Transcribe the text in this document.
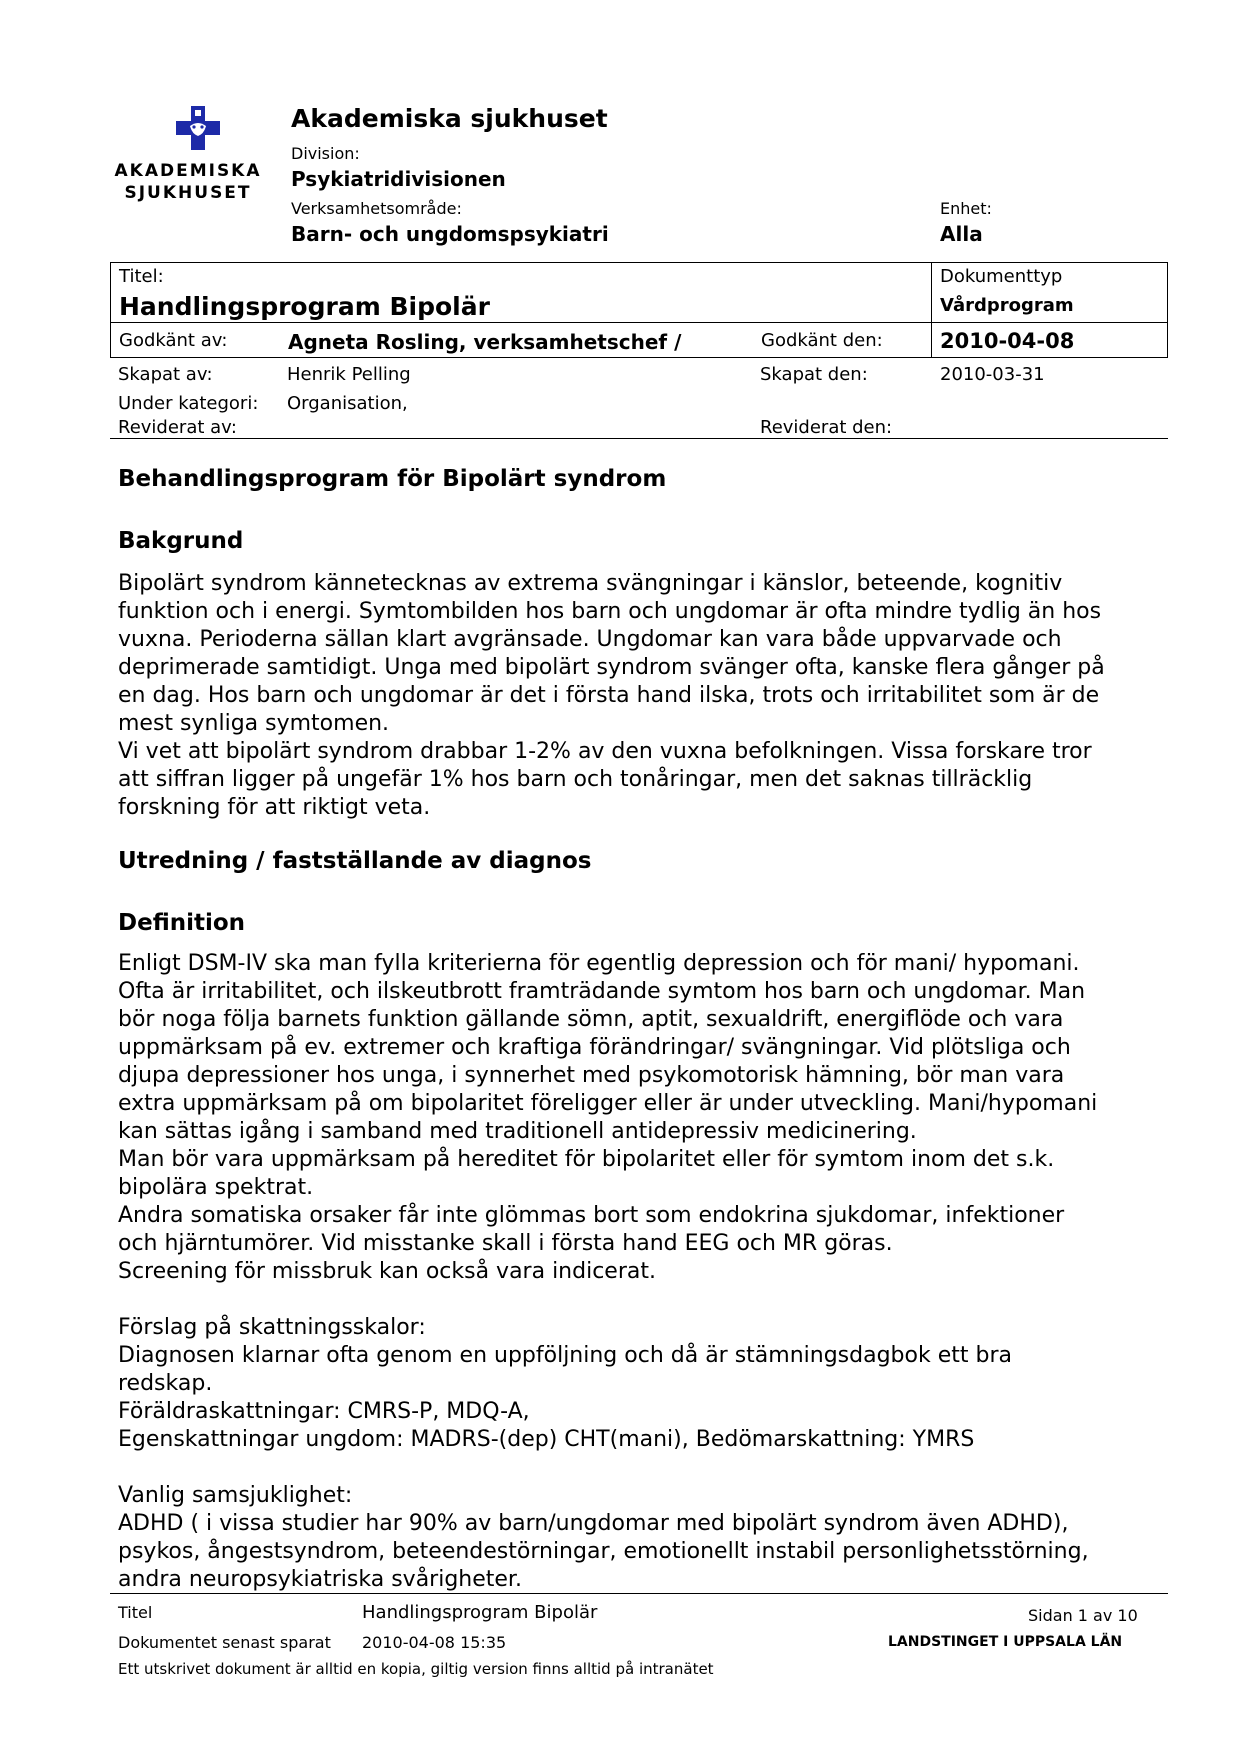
AKADEMISKA
SJUKHUSET
Akademiska sjukhuset
Division:
Psykiatridivisionen
Verksamhetsområde:
Barn- och ungdomspsykiatri
Enhet:
Alla
Titel:
Handlingsprogram Bipolär
Dokumenttyp
Vårdprogram
Godkänt av:	Agneta Rosling, verksamhetschef /	Godkänt den:	2010-04-08
Skapat av:	Henrik Pelling	Skapat den:	2010-03-31
Under kategori: Organisation,
Reviderat av:	Reviderat den:
Behandlingsprogram för Bipolärt syndrom
Bakgrund
Bipolärt syndrom kännetecknas av extrema svängningar i känslor, beteende, kognitiv
funktion och i energi. Symtombilden hos barn och ungdomar är ofta mindre tydlig än hos
vuxna. Perioderna sällan klart avgränsade. Ungdomar kan vara både uppvarvade och
deprimerade samtidigt. Unga med bipolärt syndrom svänger ofta, kanske flera gånger på
en dag. Hos barn och ungdomar är det i första hand ilska, trots och irritabilitet som är de
mest synliga symtomen.
Vi vet att bipolärt syndrom drabbar 1-2% av den vuxna befolkningen. Vissa forskare tror
att siffran ligger på ungefär 1% hos barn och tonåringar, men det saknas tillräcklig
forskning för att riktigt veta.
Utredning / fastställande av diagnos
Definition
Enligt DSM-IV ska man fylla kriterierna för egentlig depression och för mani/ hypomani.
Ofta är irritabilitet, och ilskeutbrott framträdande symtom hos barn och ungdomar. Man
bör noga följa barnets funktion gällande sömn, aptit, sexualdrift, energiflöde och vara
uppmärksam på ev. extremer och kraftiga förändringar/ svängningar. Vid plötsliga och
djupa depressioner hos unga, i synnerhet med psykomotorisk hämning, bör man vara
extra uppmärksam på om bipolaritet föreligger eller är under utveckling. Mani/hypomani
kan sättas igång i samband med traditionell antidepressiv medicinering.
Man bör vara uppmärksam på hereditet för bipolaritet eller för symtom inom det s.k.
bipolära spektrat.
Andra somatiska orsaker får inte glömmas bort som endokrina sjukdomar, infektioner
och hjärntumörer. Vid misstanke skall i första hand EEG och MR göras.
Screening för missbruk kan också vara indicerat.
Förslag på skattningsskalor:
Diagnosen klarnar ofta genom en uppföljning och då är stämningsdagbok ett bra
redskap.
Föräldraskattningar: CMRS-P, MDQ-A,
Egenskattningar ungdom: MADRS-(dep) CHT(mani), Bedömarskattning: YMRS
Vanlig samsjuklighet:
ADHD ( i vissa studier har 90% av barn/ungdomar med bipolärt syndrom även ADHD),
psykos, ångestsyndrom, beteendestörningar, emotionellt instabil personlighetsstörning,
andra neuropsykiatriska svårigheter.
Titel	Handlingsprogram Bipolär	Sidan 1 av 10
Dokumentet senast sparat 2010-04-08 15:35	LANDSTINGET I UPPSALA LÄN
Ett utskrivet dokument är alltid en kopia, giltig version finns alltid på intranätet
